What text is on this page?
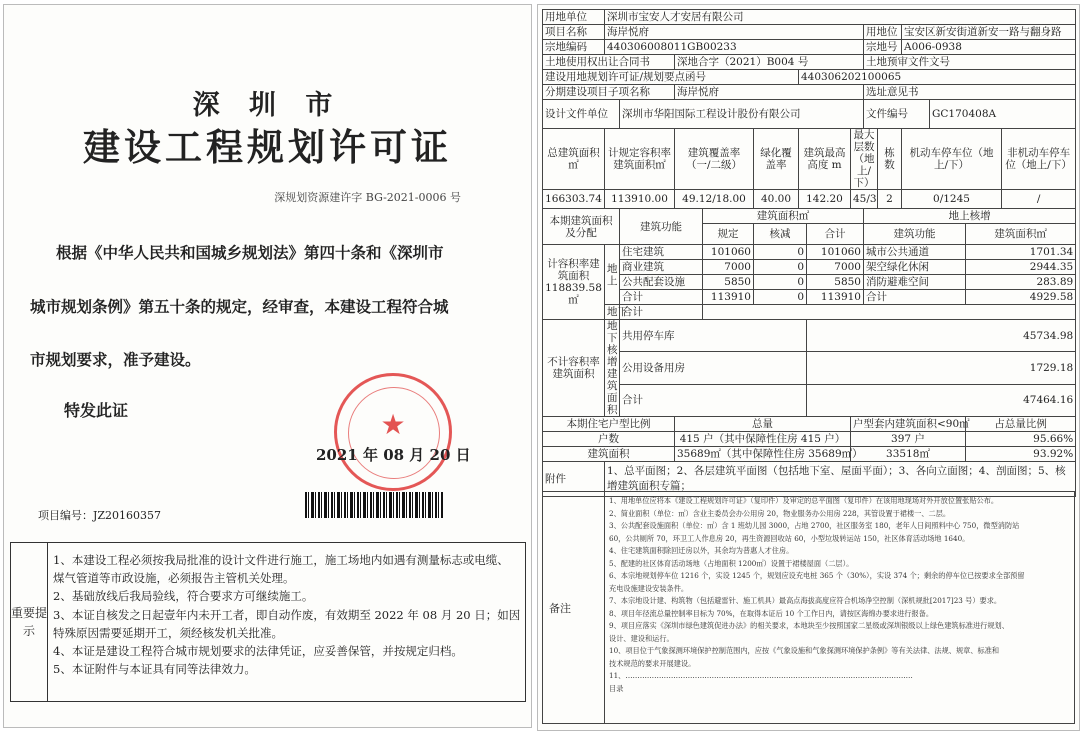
深 圳 市
建设工程规划许可证
深规划资源建许字 BG-2021-0006 号
根据《中华人民共和国城乡规划法》第四十条和《深圳市
城市规划条例》第五十条的规定，经审查，本建设工程符合城
市规划要求，准予建设。
特发此证	★
2021 年 08 月 20 日
项目编号：JZ20160357
重要提示
1、本建设工程必须按我局批准的设计文件进行施工，施工场地内如遇有测量标志或电缆、
煤气管道等市政设施，必须报告主管机关处理。
2、基础放线后我局验线，符合要求方可继续施工。
3、本证自核发之日起壹年内未开工者，即自动作废，有效期至 2022 年 08 月 20 日；如因
特殊原因需要延期开工，须经核发机关批准。
4、本证是建设工程符合城市规划要求的法律凭证，应妥善保管，并按规定归档。
5、本证附件与本证具有同等法律效力。
用地单位	深圳市宝安人才安居有限公司													
项目名称	海岸悦府								用地位		宝安区新安街道新安一路与翻身路			
宗地编码	440306008011GB00233								宗地号		A006-0938			
土地使用权出让合同书			深地合字（2021）B004 号						土地预审文件文号					
建设用地规划许可证/规划要点函号						440306202100065								
分期建设项目子项名称			海岸悦府						选址意见书					
设计文件单位		深圳市华阳国际工程设计股份有限公司							文件编号			GC170408A		
总建筑面积㎡	计规定容积率建筑面积㎡		建筑覆盖率（一/二级）		绿化覆盖率	建筑最高高度 m		最大层数（地上/下）		栋数	机动车停车位（地上/下）			非机动车停车位（地上/下）
166303.74	113910.00		49.12/18.00		40.00	142.20		45/3		2	0/1245			/
本期建筑面积及分配		建筑功能		建筑面积㎡					地上核增					
				规定	核减		合计		建筑功能				建筑面积㎡	
计容积率建筑面积118839.58㎡	地上	住宅建筑		101060	0		101060		城市公共通道				1701.34	
		商业建筑		7000	0		7000		架空绿化休闲				2944.35	
		公共配套设施		5850	0		5850		消防避难空间				283.89	
		合计		113910	0		113910		合计				4929.58	
	地下	合计												
不计容积率建筑面积	地下核增建筑面积	共用停车库					45734.98							
		公用设备用房					1729.18							
		合计					47464.16							
本期住宅户型比例			总量					户型套内建筑面积<90㎡					占总量比例	
户数			415 户（其中保障性住房 415 户）					397 户					95.66%	
建筑面积			35689㎡（其中保障性住房 35689㎡）					33518㎡					93.92%	
附件	1、总平面图；2、各层建筑平面图（包括地下室、屋面平面）；3、各向立面图；4、剖面图；5、核增建筑面积专篇；													
备注
1、用地单位应将本《建设工程规划许可证》（复印件）及审定的总平面图（复印件）在该用地现场对外开放位置张贴公布。
2、简业面积（单位：㎡）含业主委员会办公用房 20，物业服务办公用房 228，其管设置于裙楼一、二层。
3、公共配套设施面积（单位：㎡）含 1 班幼儿园 3000，占地 2700，社区服务室 180，老年人日间照料中心 750，微型消防站
60，公共厕所 70，环卫工人作息房 20，再生资源回收站 60，小型垃圾转运站 150，社区体育活动场地 1640。
4、住宅建筑面积除回迁房以外，其余均为普惠人才住房。
5、配建的社区体育活动场地（占地面积 1200㎡）设置于裙楼屋面（二层）。
6、本宗地规划停车位 1216 个，实设 1245 个，规划应设充电桩 365 个（30%），实设 374 个；剩余的停车位已按要求全部预留
充电设施建设安装条件。
7、本宗地设计建、构筑物（包括避雷针、施工机具）最高点海拔高度应符合机场净空控制（深机规批[2017]23 号）要求。
8、项目年径流总量控制率目标为 70%，在取得本证后 10 个工作日内，请按区海绵办要求进行报备。
9、项目应落实《深圳市绿色建筑促进办法》的相关要求，本地块至少按照国家二星级或深圳银级以上绿色建筑标准进行规划、
设计、建设和运行。
10、项目位于气象探测环境保护控制范围内，应按《气象设施和气象探测环境保护条例》等有关法律、法规、规章、标准和
技术规范的要求开展建设。
11、…………………………………………………………………………………………………………
目录
